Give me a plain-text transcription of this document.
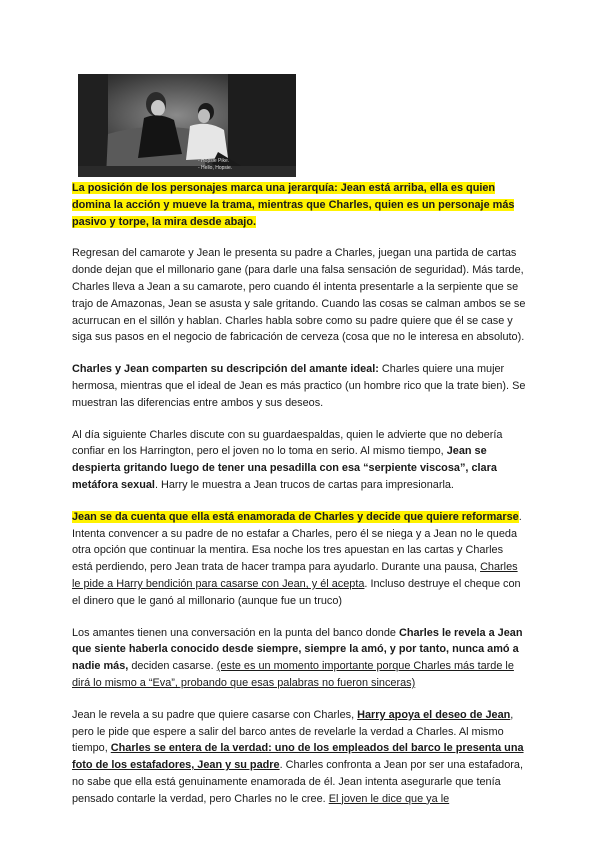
- Hopsie Pike.
- Hello, Hopsie.

La posición de los personajes marca una jerarquía: Jean está arriba, ella es quien domina la acción y mueve la trama, mientras que Charles, quien es un personaje más pasivo y torpe, la mira desde abajo.

Regresan del camarote y Jean le presenta su padre a Charles, juegan una partida de cartas donde dejan que el millonario gane (para darle una falsa sensación de seguridad). Más tarde, Charles lleva a Jean a su camarote, pero cuando él intenta presentarle a la serpiente que se trajo de Amazonas, Jean se asusta y sale gritando. Cuando las cosas se calman ambos se se acurrucan en el sillón y hablan. Charles habla sobre como su padre quiere que él se case y siga sus pasos en el negocio de fabricación de cerveza (cosa que no le interesa en absoluto).

Charles y Jean comparten su descripción del amante ideal: Charles quiere una mujer hermosa, mientras que el ideal de Jean es más practico (un hombre rico que la trate bien). Se muestran las diferencias entre ambos y sus deseos.

Al día siguiente Charles discute con su guardaespaldas, quien le advierte que no debería confiar en los Harrington, pero el joven no lo toma en serio. Al mismo tiempo, Jean se despierta gritando luego de tener una pesadilla con esa “serpiente viscosa”, clara metáfora sexual. Harry le muestra a Jean trucos de cartas para impresionarla.

Jean se da cuenta que ella está enamorada de Charles y decide que quiere reformarse. Intenta convencer a su padre de no estafar a Charles, pero él se niega y a Jean no le queda otra opción que continuar la mentira. Esa noche los tres apuestan en las cartas y Charles está perdiendo, pero Jean trata de hacer trampa para ayudarlo. Durante una pausa, Charles le pide a Harry bendición para casarse con Jean, y él acepta. Incluso destruye el cheque con el dinero que le ganó al millonario (aunque fue un truco)

Los amantes tienen una conversación en la punta del banco donde Charles le revela a Jean que siente haberla conocido desde siempre, siempre la amó, y por tanto, nunca amó a nadie más, deciden casarse. (este es un momento importante porque Charles más tarde le dirá lo mismo a “Eva”, probando que esas palabras no fueron sinceras)

Jean le revela a su padre que quiere casarse con Charles, Harry apoya el deseo de Jean, pero le pide que espere a salir del barco antes de revelarle la verdad a Charles. Al mismo tiempo, Charles se entera de la verdad: uno de los empleados del barco le presenta una foto de los estafadores, Jean y su padre. Charles confronta a Jean por ser una estafadora, no sabe que ella está genuinamente enamorada de él. Jean intenta asegurarle que tenía pensado contarle la verdad, pero Charles no le cree. El joven le dice que ya le
